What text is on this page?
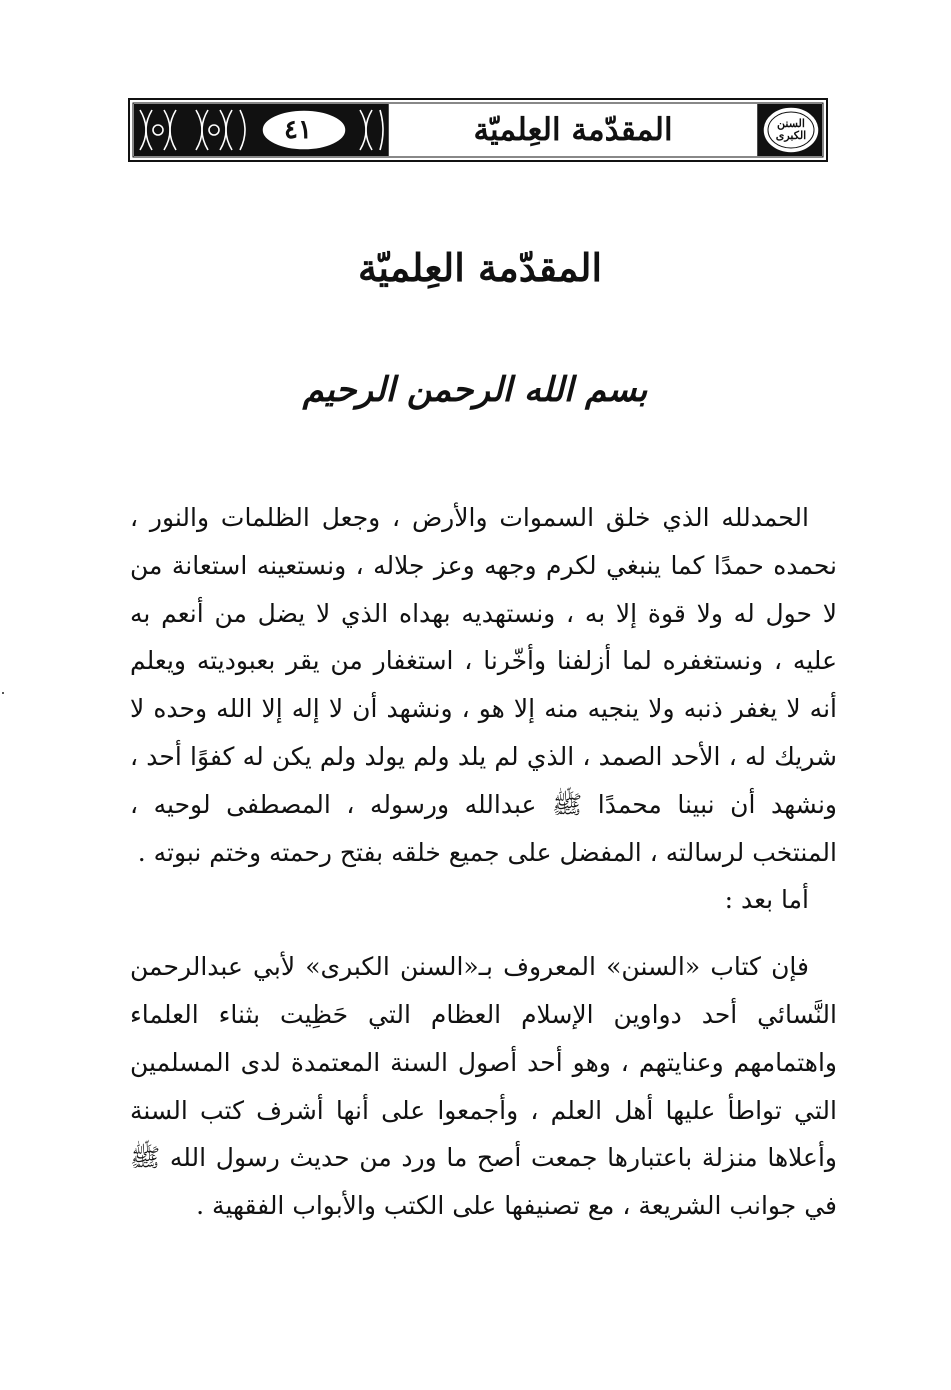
٤١	المقدّمة العِلميّة	السنن الكبرى
المقدّمة العِلميّة
بسم الله الرحمن الرحيم

الحمدلله الذي خلق السموات والأرض ، وجعل الظلمات والنور ، نحمده حمدًا كما ينبغي لكرم وجهه وعز جلاله ، ونستعينه استعانة من لا حول له ولا قوة إلا به ، ونستهديه بهداه الذي لا يضل من أنعم به عليه ، ونستغفره لما أزلفنا وأخّرنا ، استغفار من يقر بعبوديته ويعلم أنه لا يغفر ذنبه ولا ينجيه منه إلا هو ، ونشهد أن لا إله إلا الله وحده لا شريك له ، الأحد الصمد ، الذي لم يلد ولم يولد ولم يكن له كفوًا أحد ، ونشهد أن نبينا محمدًا ﷺ عبدالله ورسوله ، المصطفى لوحيه ، المنتخب لرسالته ، المفضل على جميع خلقه بفتح رحمته وختم نبوته .

أما بعد :

فإن كتاب «السنن» المعروف بـ«السنن الكبرى» لأبي عبدالرحمن النَّسائي أحد دواوين الإسلام العظام التي حَظِيت بثناء العلماء واهتمامهم وعنايتهم ، وهو أحد أصول السنة المعتمدة لدى المسلمين التي تواطأ عليها أهل العلم ، وأجمعوا على أنها أشرف كتب السنة وأعلاها منزلة باعتبارها جمعت أصح ما ورد من حديث رسول الله ﷺ في جوانب الشريعة ، مع تصنيفها على الكتب والأبواب الفقهية .
